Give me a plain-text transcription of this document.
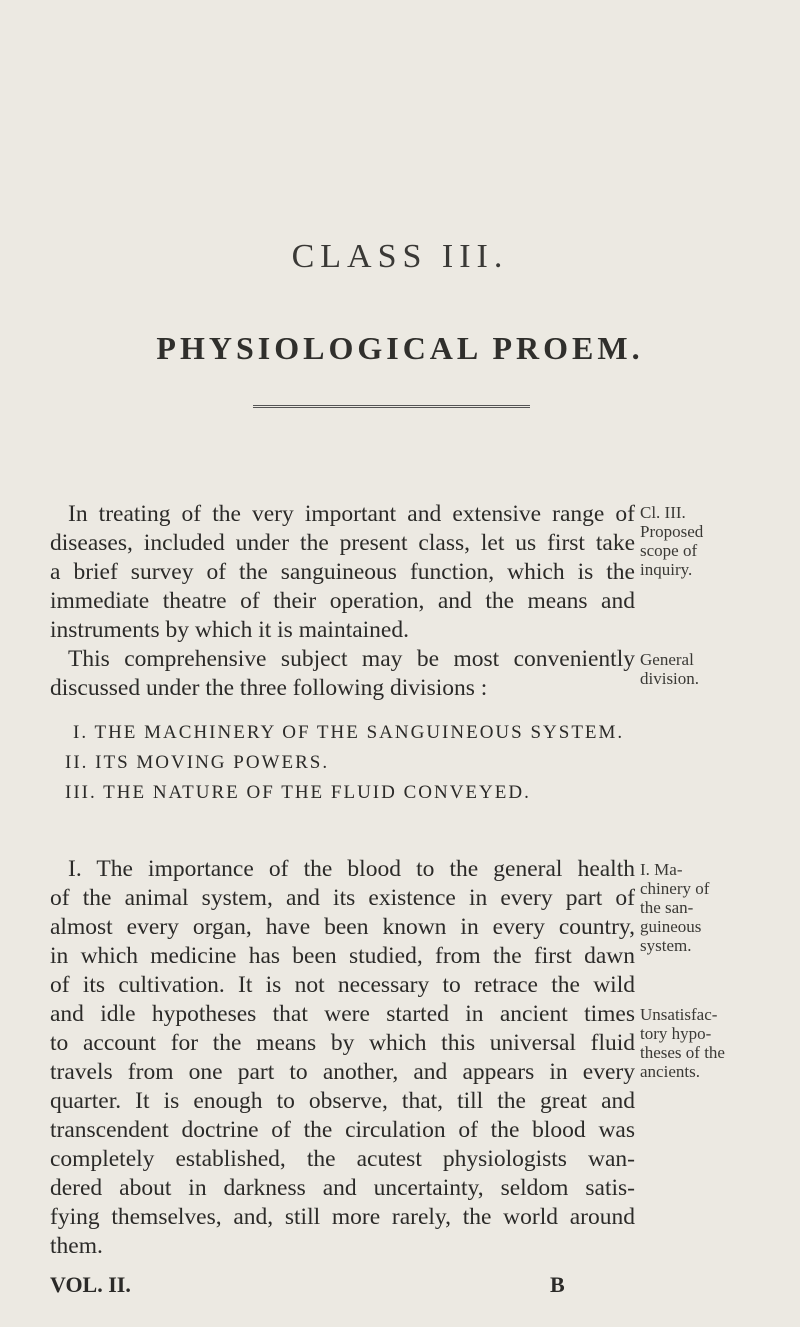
CLASS III.
PHYSIOLOGICAL PROEM.
In treating of the very important and extensive range of
diseases, included under the present class, let us first take
a brief survey of the sanguineous function, which is the
immediate theatre of their operation, and the means and
instruments by which it is maintained.
Cl. III.
Proposed
scope of
inquiry.
This comprehensive subject may be most conveniently
discussed under the three following divisions :
General
division.
I. THE MACHINERY OF THE SANGUINEOUS SYSTEM.
II. ITS MOVING POWERS.
III. THE NATURE OF THE FLUID CONVEYED.
I. The importance of the blood to the general health
of the animal system, and its existence in every part of
almost every organ, have been known in every country,
in which medicine has been studied, from the first dawn
of its cultivation. It is not necessary to retrace the wild
and idle hypotheses that were started in ancient times
to account for the means by which this universal fluid
travels from one part to another, and appears in every
quarter. It is enough to observe, that, till the great and
transcendent doctrine of the circulation of the blood was
completely established, the acutest physiologists wan-
dered about in darkness and uncertainty, seldom satis-
fying themselves, and, still more rarely, the world around
them.
I. Ma-
chinery of
the san-
guineous
system.
Unsatisfac-
tory hypo-
theses of the
ancients.
VOL. II.	B
